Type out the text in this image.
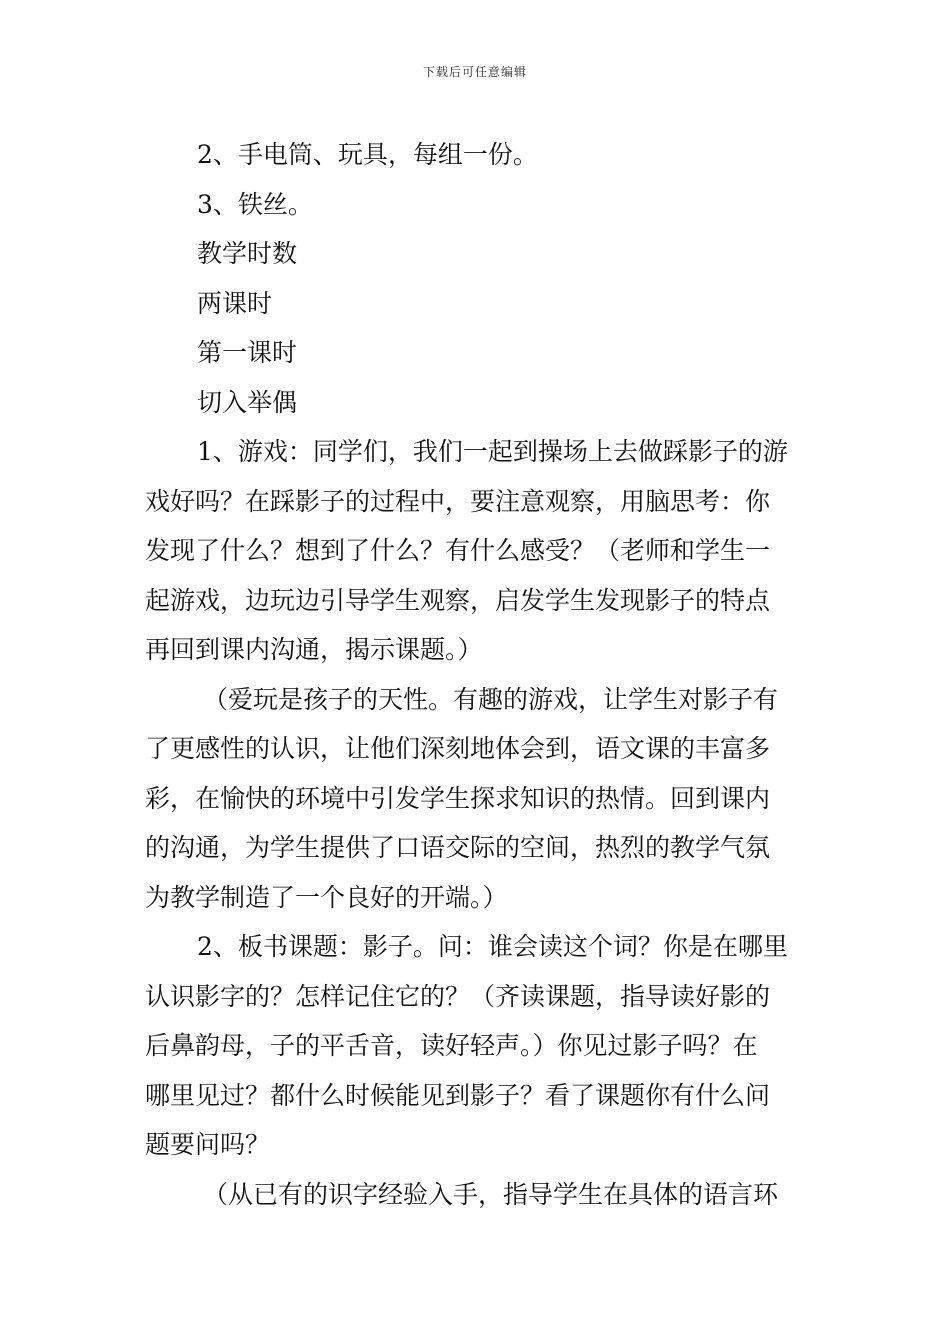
下载后可任意编辑
2、手电筒、玩具，每组一份。
3、铁丝。
教学时数
两课时
第一课时
切入举偶
1、游戏：同学们，我们一起到操场上去做踩影子的游
戏好吗？在踩影子的过程中，要注意观察，用脑思考：你
发现了什么？想到了什么？有什么感受？（老师和学生一
起游戏，边玩边引导学生观察，启发学生发现影子的特点
再回到课内沟通，揭示课题。）
（爱玩是孩子的天性。有趣的游戏，让学生对影子有
了更感性的认识，让他们深刻地体会到，语文课的丰富多
彩，在愉快的环境中引发学生探求知识的热情。回到课内
的沟通，为学生提供了口语交际的空间，热烈的教学气氛
为教学制造了一个良好的开端。）
2、板书课题：影子。问：谁会读这个词？你是在哪里
认识影字的？怎样记住它的？（齐读课题，指导读好影的
后鼻韵母，子的平舌音，读好轻声。）你见过影子吗？在
哪里见过？都什么时候能见到影子？看了课题你有什么问
题要问吗？
（从已有的识字经验入手，指导学生在具体的语言环
